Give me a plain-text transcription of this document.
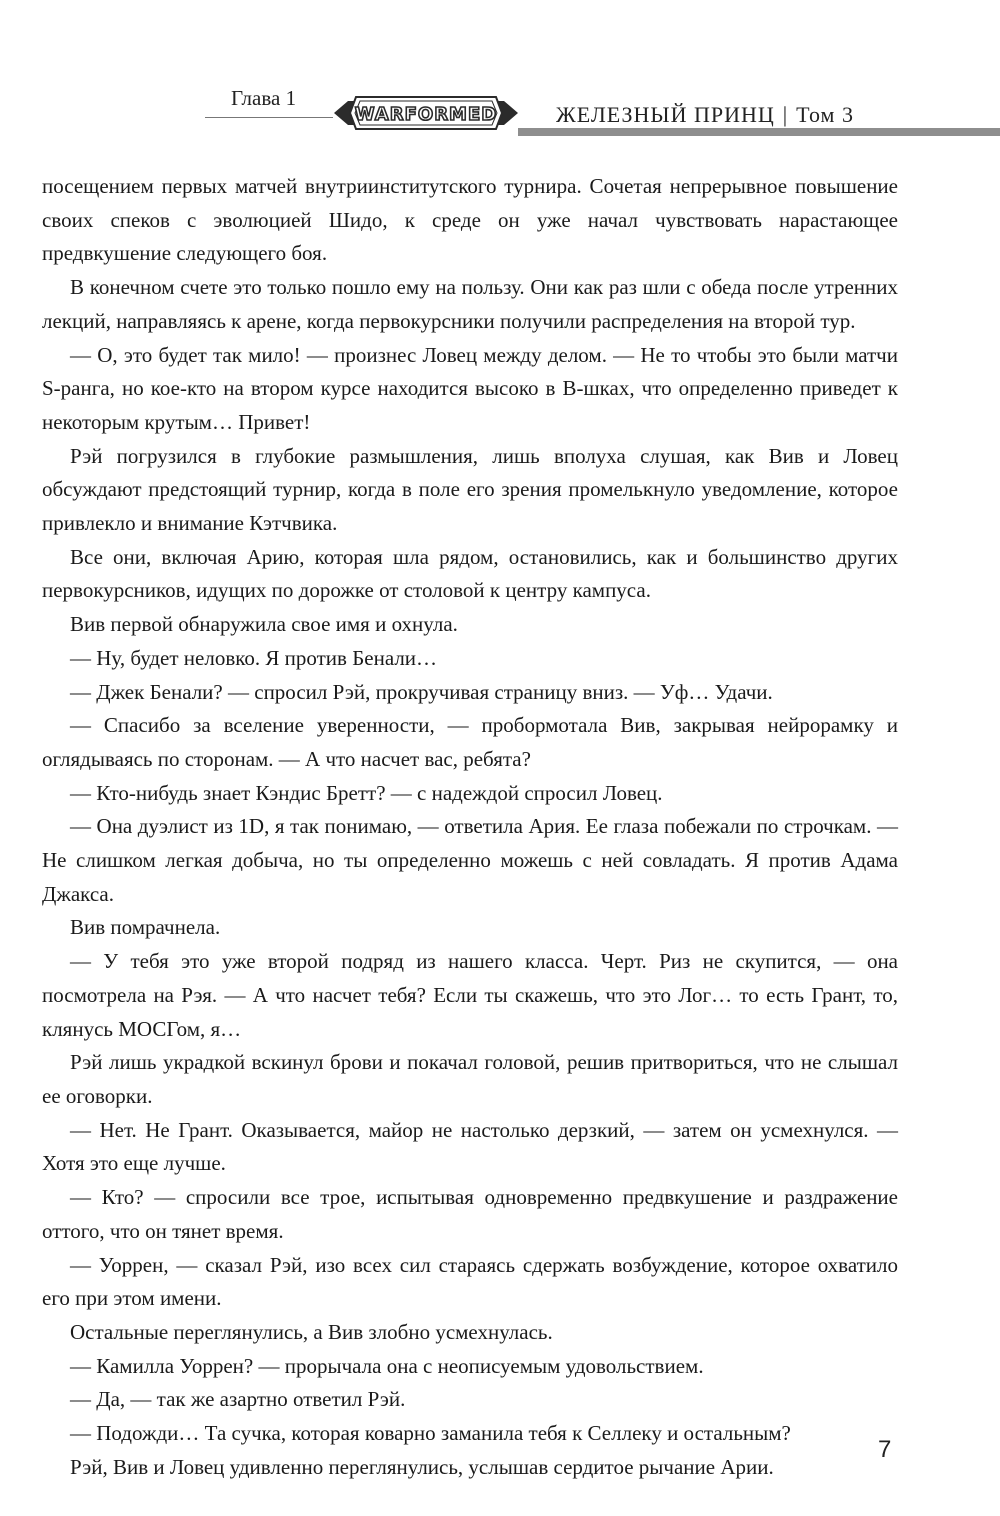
Глава 1
WARFORMED	ЖЕЛЕЗНЫЙ ПРИНЦ | Том 3

посещением первых матчей внутриинститутского турнира. Сочетая непрерывное повышение своих спеков с эволюцией Шидо, к среде он уже начал чувствовать нарастающее предвкушение следующего боя.

В конечном счете это только пошло ему на пользу. Они как раз шли с обеда после утренних лекций, направляясь к арене, когда первокурсники получили распределения на второй тур.

— О, это будет так мило! — произнес Ловец между делом. — Не то чтобы это были матчи S-ранга, но кое-кто на втором курсе находится высоко в B-шках, что определенно приведет к некоторым крутым… Привет!

Рэй погрузился в глубокие размышления, лишь вполуха слушая, как Вив и Ловец обсуждают предстоящий турнир, когда в поле его зрения промелькнуло уведомление, которое привлекло и внимание Кэтчвика.

Все они, включая Арию, которая шла рядом, остановились, как и большинство других первокурсников, идущих по дорожке от столовой к центру кампуса.

Вив первой обнаружила свое имя и охнула.

— Ну, будет неловко. Я против Бенали…

— Джек Бенали? — спросил Рэй, прокручивая страницу вниз. — Уф… Удачи.

— Спасибо за вселение уверенности, — пробормотала Вив, закрывая нейрорамку и оглядываясь по сторонам. — А что насчет вас, ребята?

— Кто-нибудь знает Кэндис Бретт? — с надеждой спросил Ловец.

— Она дуэлист из 1D, я так понимаю, — ответила Ария. Ее глаза побежали по строчкам. — Не слишком легкая добыча, но ты определенно можешь с ней совладать. Я против Адама Джакса.

Вив помрачнела.

— У тебя это уже второй подряд из нашего класса. Черт. Риз не скупится, — она посмотрела на Рэя. — А что насчет тебя? Если ты скажешь, что это Лог… то есть Грант, то, клянусь МОСГом, я…

Рэй лишь украдкой вскинул брови и покачал головой, решив притвориться, что не слышал ее оговорки.

— Нет. Не Грант. Оказывается, майор не настолько дерзкий, — затем он усмехнулся. — Хотя это еще лучше.

— Кто? — спросили все трое, испытывая одновременно предвкушение и раздражение оттого, что он тянет время.

— Уоррен, — сказал Рэй, изо всех сил стараясь сдержать возбуждение, которое охватило его при этом имени.

Остальные переглянулись, а Вив злобно усмехнулась.

— Камилла Уоррен? — прорычала она с неописуемым удовольствием.

— Да, — так же азартно ответил Рэй.

— Подожди… Та сучка, которая коварно заманила тебя к Селлеку и остальным?

Рэй, Вив и Ловец удивленно переглянулись, услышав сердитое рычание Арии.

7
